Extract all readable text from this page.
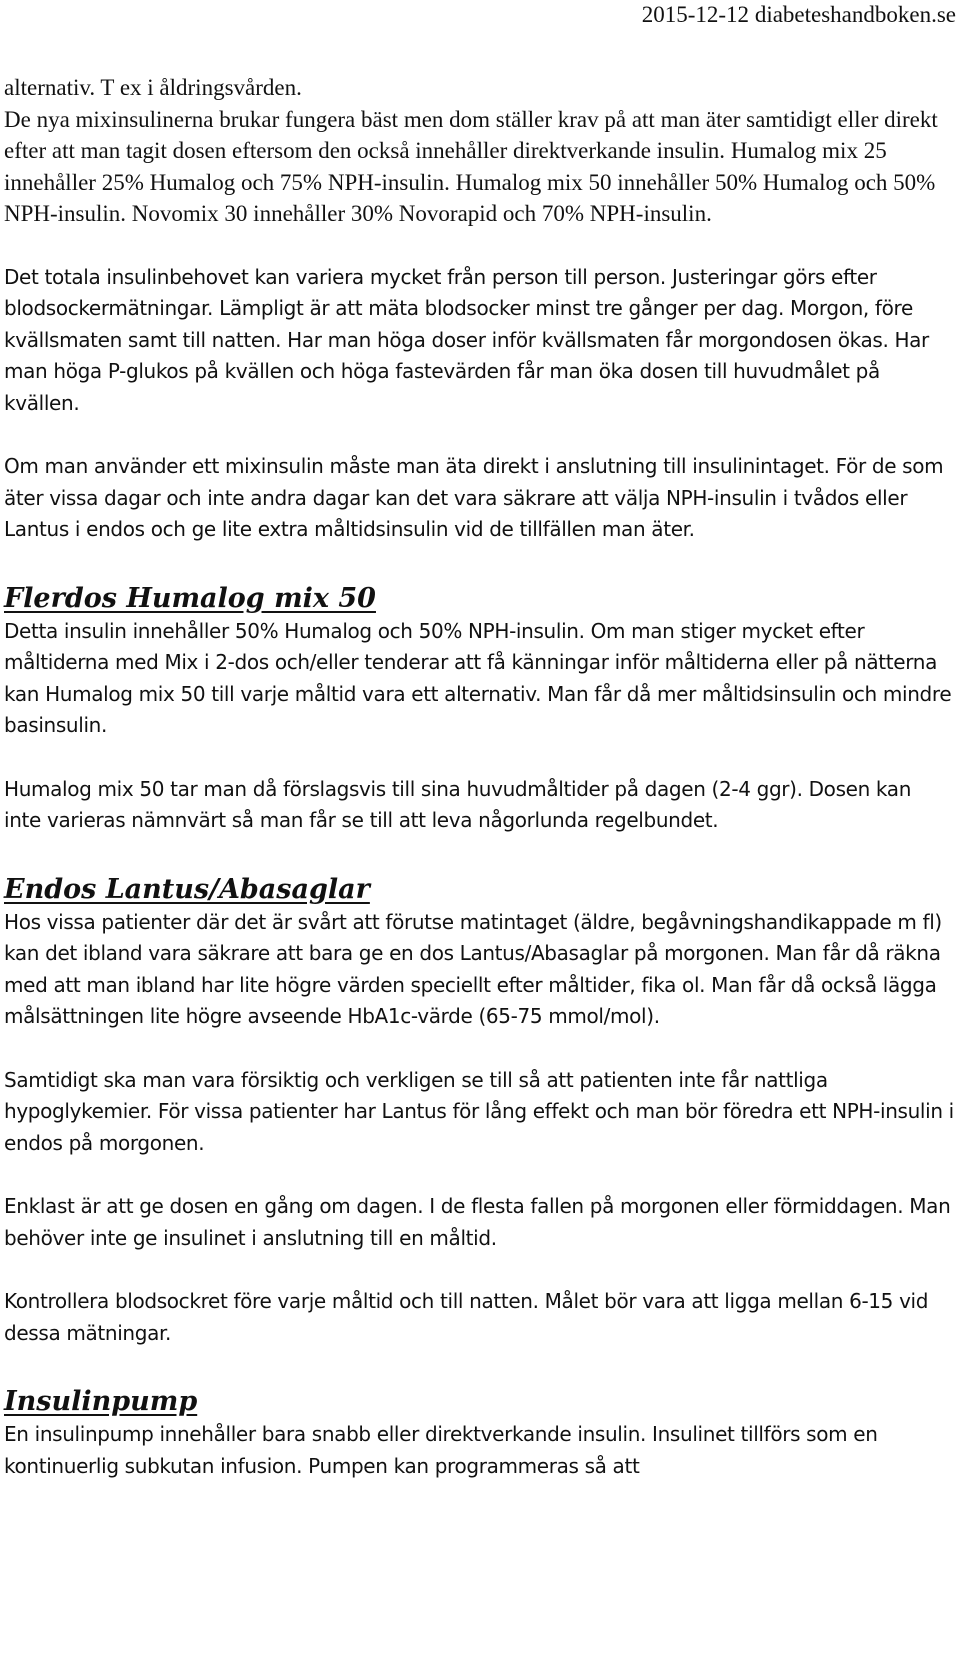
2015-12-12 diabeteshandboken.se

alternativ. T ex i åldringsvården.
De nya mixinsulinerna brukar fungera bäst men dom ställer krav på att man äter samtidigt eller direkt efter att man tagit dosen eftersom den också innehåller direktverkande insulin. Humalog mix 25 innehåller 25% Humalog och 75% NPH-insulin. Humalog mix 50 innehåller 50% Humalog och 50% NPH-insulin. Novomix 30 innehåller 30% Novorapid och 70% NPH-insulin.

Det totala insulinbehovet kan variera mycket från person till person. Justeringar görs efter blodsockermätningar. Lämpligt är att mäta blodsocker minst tre gånger per dag. Morgon, före kvällsmaten samt till natten. Har man höga doser inför kvällsmaten får morgondosen ökas. Har man höga P-glukos på kvällen och höga fastevärden får man öka dosen till huvudmålet på kvällen.

Om man använder ett mixinsulin måste man äta direkt i anslutning till insulinintaget. För de som äter vissa dagar och inte andra dagar kan det vara säkrare att välja NPH-insulin i tvådos eller Lantus i endos och ge lite extra måltidsinsulin vid de tillfällen man äter.

Flerdos Humalog mix 50

Detta insulin innehåller 50% Humalog och 50% NPH-insulin. Om man stiger mycket efter måltiderna med Mix i 2-dos och/eller tenderar att få känningar inför måltiderna eller på nätterna kan Humalog mix 50 till varje måltid vara ett alternativ. Man får då mer måltidsinsulin och mindre basinsulin.

Humalog mix 50 tar man då förslagsvis till sina huvudmåltider på dagen (2-4 ggr). Dosen kan inte varieras nämnvärt så man får se till att leva någorlunda regelbundet.

Endos Lantus/Abasaglar

Hos vissa patienter där det är svårt att förutse matintaget (äldre, begåvningshandikappade m fl) kan det ibland vara säkrare att bara ge en dos Lantus/Abasaglar på morgonen. Man får då räkna med att man ibland har lite högre värden speciellt efter måltider, fika ol. Man får då också lägga målsättningen lite högre avseende HbA1c-värde (65-75 mmol/mol).

Samtidigt ska man vara försiktig och verkligen se till så att patienten inte får nattliga hypoglykemier. För vissa patienter har Lantus för lång effekt och man bör föredra ett NPH-insulin i endos på morgonen.

Enklast är att ge dosen en gång om dagen. I de flesta fallen på morgonen eller förmiddagen. Man behöver inte ge insulinet i anslutning till en måltid.

Kontrollera blodsockret före varje måltid och till natten. Målet bör vara att ligga mellan 6-15 vid dessa mätningar.

Insulinpump

En insulinpump innehåller bara snabb eller direktverkande insulin. Insulinet tillförs som en kontinuerlig subkutan infusion. Pumpen kan programmeras så att
